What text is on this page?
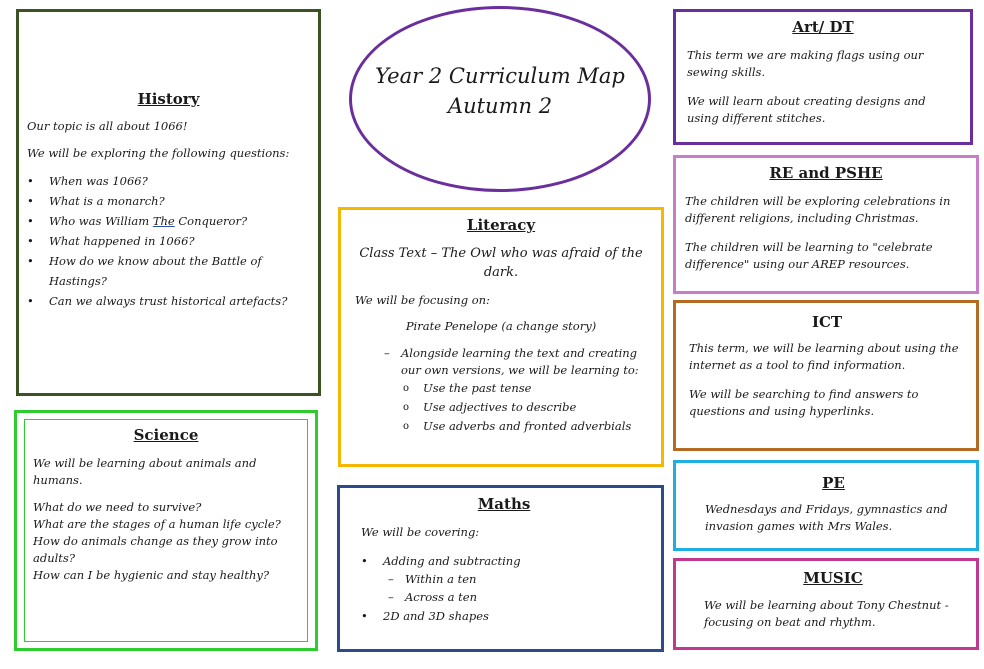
History

Our topic is all about 1066!

We will be exploring the following questions:

• When was 1066?
• What is a monarch?
• Who was William The Conqueror?
• What happened in 1066?
• How do we know about the Battle of Hastings?
• Can we always trust historical artefacts?
Science

We will be learning about animals and humans.

What do we need to survive?

What are the stages of a human life cycle?

How do animals change as they grow into adults?

How can I be hygienic and stay healthy?

Year 2 Curriculum Map
Autumn 2
Literacy

Class Text – The Owl who was afraid of the dark.

We will be focusing on:

Pirate Penelope (a change story)

– Alongside learning the text and creating our own versions, we will be learning to:
o Use the past tense
o Use adjectives to describe
o Use adverbs and fronted adverbials
Maths

We will be covering:

• Adding and subtracting
– Within a ten
– Across a ten
• 2D and 3D shapes
Art/ DT

This term we are making flags using our sewing skills.

We will learn about creating designs and using different stitches.

RE and PSHE

The children will be exploring celebrations in different religions, including Christmas.

The children will be learning to "celebrate difference" using our AREP resources.

ICT

This term, we will be learning about using the internet as a tool to find information.

We will be searching to find answers to questions and using hyperlinks.

PE

Wednesdays and Fridays, gymnastics and invasion games with Mrs Wales.

MUSIC

We will be learning about Tony Chestnut - focusing on beat and rhythm.
